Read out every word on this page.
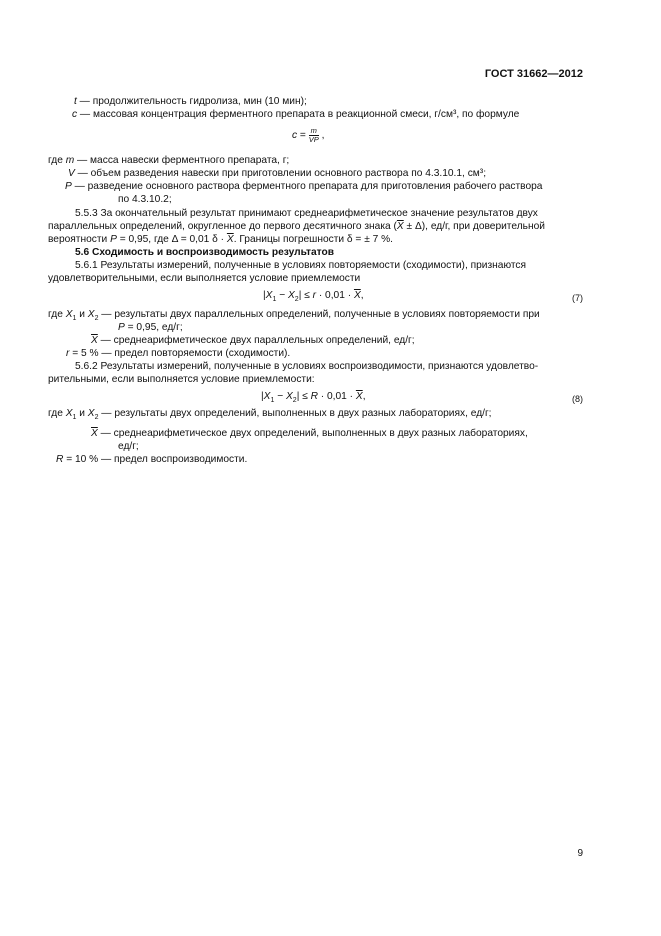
ГОСТ 31662—2012
t — продолжительность гидролиза, мин (10 мин);
c — массовая концентрация ферментного препарата в реакционной смеси, г/см³, по формуле
$c = \frac{m}{VP}$ ,
где m — масса навески ферментного препарата, г;
V — объем разведения навески при приготовлении основного раствора по 4.3.10.1, см³;
P — разведение основного раствора ферментного препарата для приготовления рабочего раствора
по 4.3.10.2;
5.5.3 За окончательный результат принимают среднеарифметическое значение результатов двух
параллельных определений, округленное до первого десятичного знака $(\overline{X} \pm \Delta)$, ед/г, при доверительной
вероятности P = 0,95, где Δ = 0,01 $\delta \cdot \overline{X}$. Границы погрешности δ = ± 7 %.
5.6 Сходимость и воспроизводимость результатов
5.6.1 Результаты измерений, полученные в условиях повторяемости (сходимости), признаются
удовлетворительными, если выполняется условие приемлемости
$|X_1 - X_2| \le r \cdot 0,01 \cdot \overline{X}$,	(7)
где $X_1$ и $X_2$ — результаты двух параллельных определений, полученные в условиях повторяемости при
P = 0,95, ед/г;
$\overline{X}$ — среднеарифметическое двух параллельных определений, ед/г;
r = 5 % — предел повторяемости (сходимости).
5.6.2 Результаты измерений, полученные в условиях воспроизводимости, признаются удовлетво-
рительными, если выполняется условие приемлемости:
$|X_1 - X_2| \le R \cdot 0,01 \cdot \overline{X}$,	(8)
где $X_1$ и $X_2$ — результаты двух определений, выполненных в двух разных лабораториях, ед/г;
$\overline{X}$ — среднеарифметическое двух определений, выполненных в двух разных лабораториях,
ед/г;
R = 10 % — предел воспроизводимости.
9
